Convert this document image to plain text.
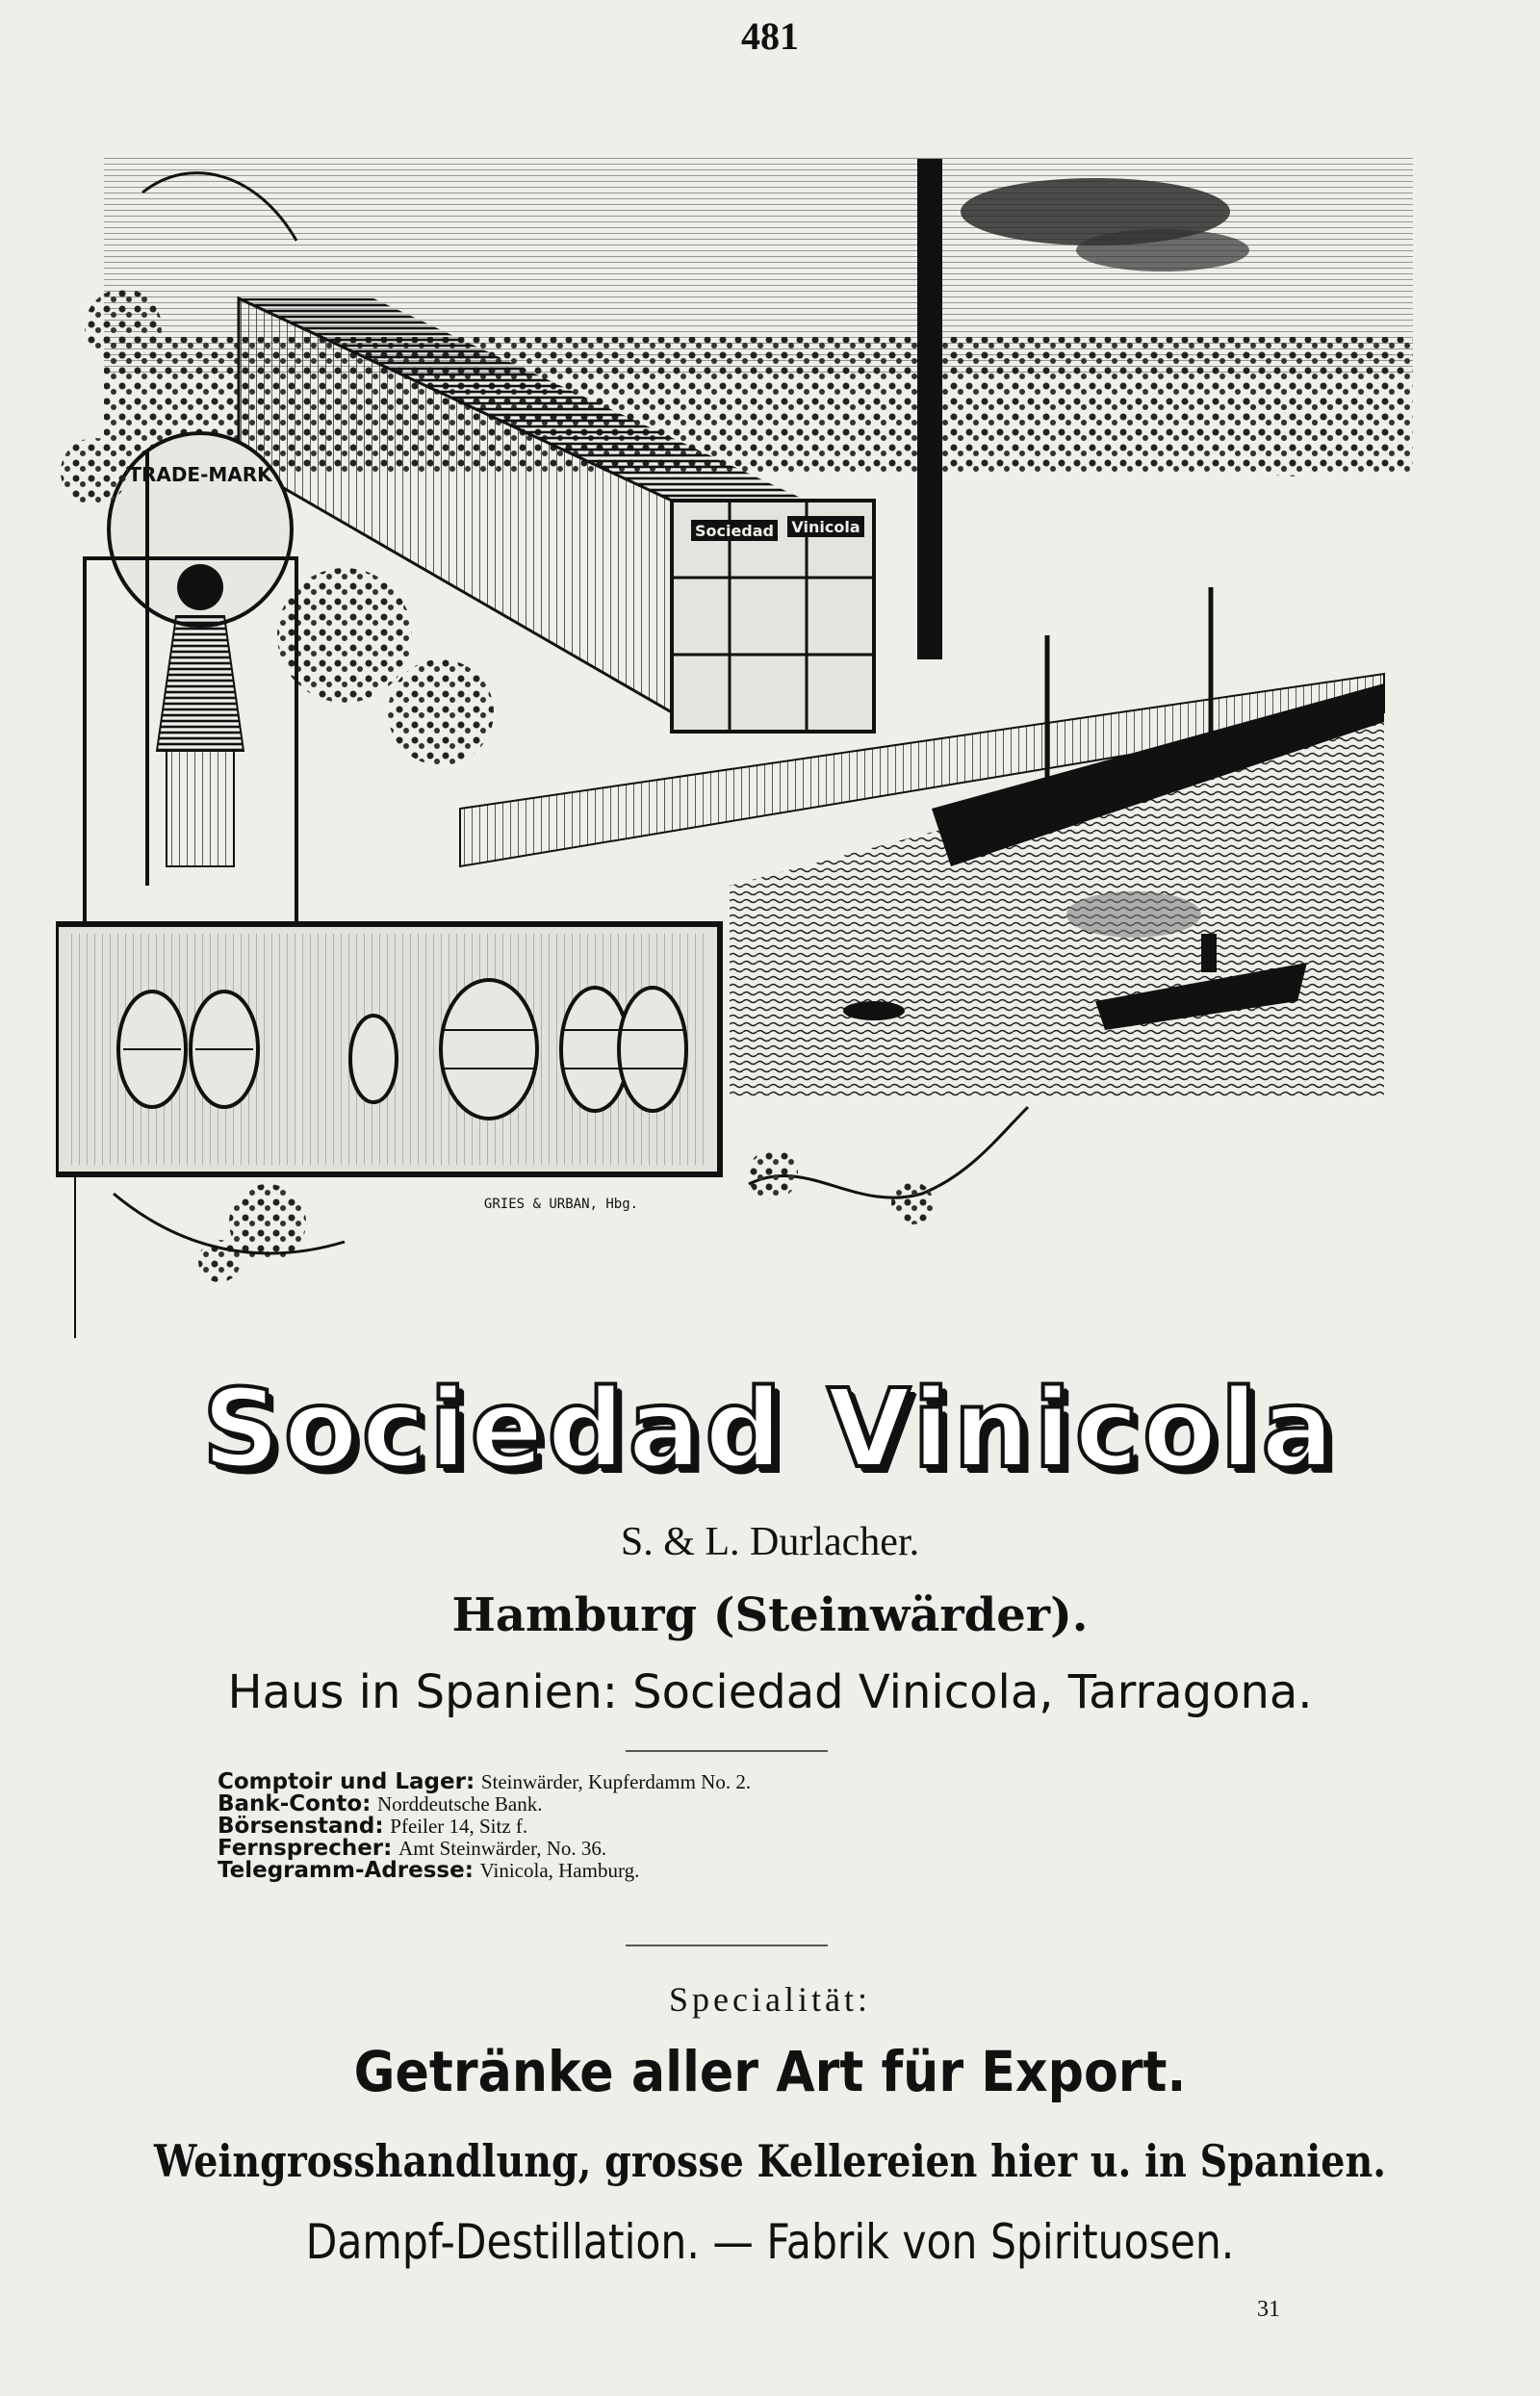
481
Sociedad Vinicola
TRADE-MARK
GRIES & URBAN, Hbg.
Sociedad Vinicola
S. & L. Durlacher.
Hamburg (Steinwärder).
Haus in Spanien: Sociedad Vinicola, Tarragona.
Comptoir und Lager: Steinwärder, Kupferdamm No. 2.
Bank-Conto: Norddeutsche Bank.
Börsenstand: Pfeiler 14, Sitz f.
Fernsprecher: Amt Steinwärder, No. 36.
Telegramm-Adresse: Vinicola, Hamburg.
Specialität:
Getränke aller Art für Export.
Weingrosshandlung, grosse Kellereien hier u. in Spanien.
Dampf-Destillation. — Fabrik von Spirituosen.
31
